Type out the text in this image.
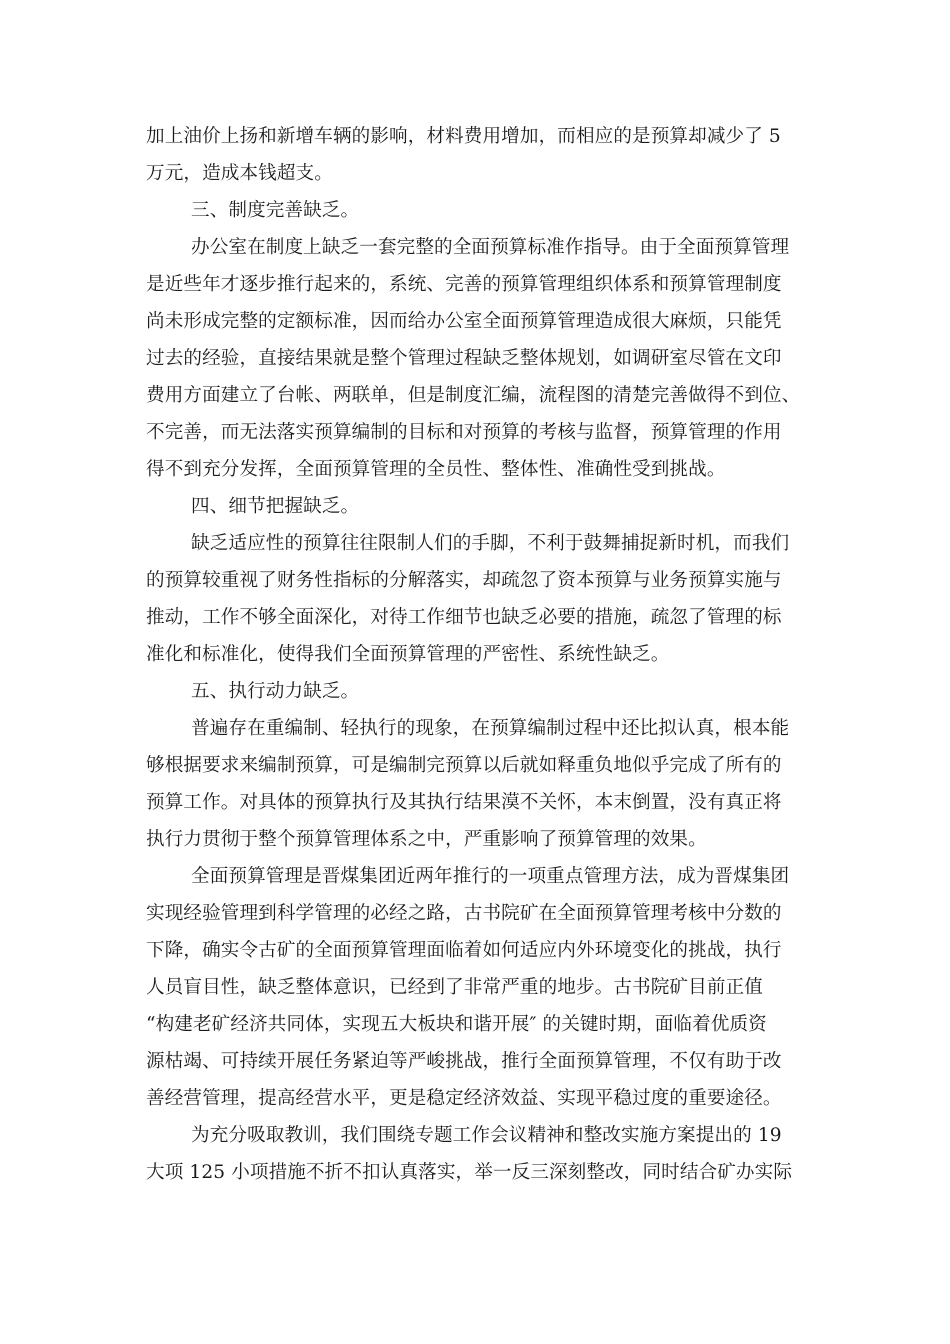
加上油价上扬和新增车辆的影响，材料费用增加，而相应的是预算却减少了 5

万元，造成本钱超支。

三、制度完善缺乏。

办公室在制度上缺乏一套完整的全面预算标准作指导。由于全面预算管理

是近些年才逐步推行起来的，系统、完善的预算管理组织体系和预算管理制度

尚未形成完整的定额标准，因而给办公室全面预算管理造成很大麻烦，只能凭

过去的经验，直接结果就是整个管理过程缺乏整体规划，如调研室尽管在文印

费用方面建立了台帐、两联单，但是制度汇编，流程图的清楚完善做得不到位、

不完善，而无法落实预算编制的目标和对预算的考核与监督，预算管理的作用

得不到充分发挥，全面预算管理的全员性、整体性、准确性受到挑战。

四、细节把握缺乏。

缺乏适应性的预算往往限制人们的手脚，不利于鼓舞捕捉新时机，而我们

的预算较重视了财务性指标的分解落实，却疏忽了资本预算与业务预算实施与

推动，工作不够全面深化，对待工作细节也缺乏必要的措施，疏忽了管理的标

准化和标准化，使得我们全面预算管理的严密性、系统性缺乏。

五、执行动力缺乏。

普遍存在重编制、轻执行的现象，在预算编制过程中还比拟认真，根本能

够根据要求来编制预算，可是编制完预算以后就如释重负地似乎完成了所有的

预算工作。对具体的预算执行及其执行结果漠不关怀，本末倒置，没有真正将

执行力贯彻于整个预算管理体系之中，严重影响了预算管理的效果。

全面预算管理是晋煤集团近两年推行的一项重点管理方法，成为晋煤集团

实现经验管理到科学管理的必经之路，古书院矿在全面预算管理考核中分数的

下降，确实令古矿的全面预算管理面临着如何适应内外环境变化的挑战，执行

人员盲目性，缺乏整体意识，已经到了非常严重的地步。古书院矿目前正值

“构建老矿经济共同体，实现五大板块和谐开展″ 的关键时期，面临着优质资

源枯竭、可持续开展任务紧迫等严峻挑战，推行全面预算管理，不仅有助于改

善经营管理，提高经营水平，更是稳定经济效益、实现平稳过度的重要途径。

为充分吸取教训，我们围绕专题工作会议精神和整改实施方案提出的 19

大项 125 小项措施不折不扣认真落实，举一反三深刻整改，同时结合矿办实际
